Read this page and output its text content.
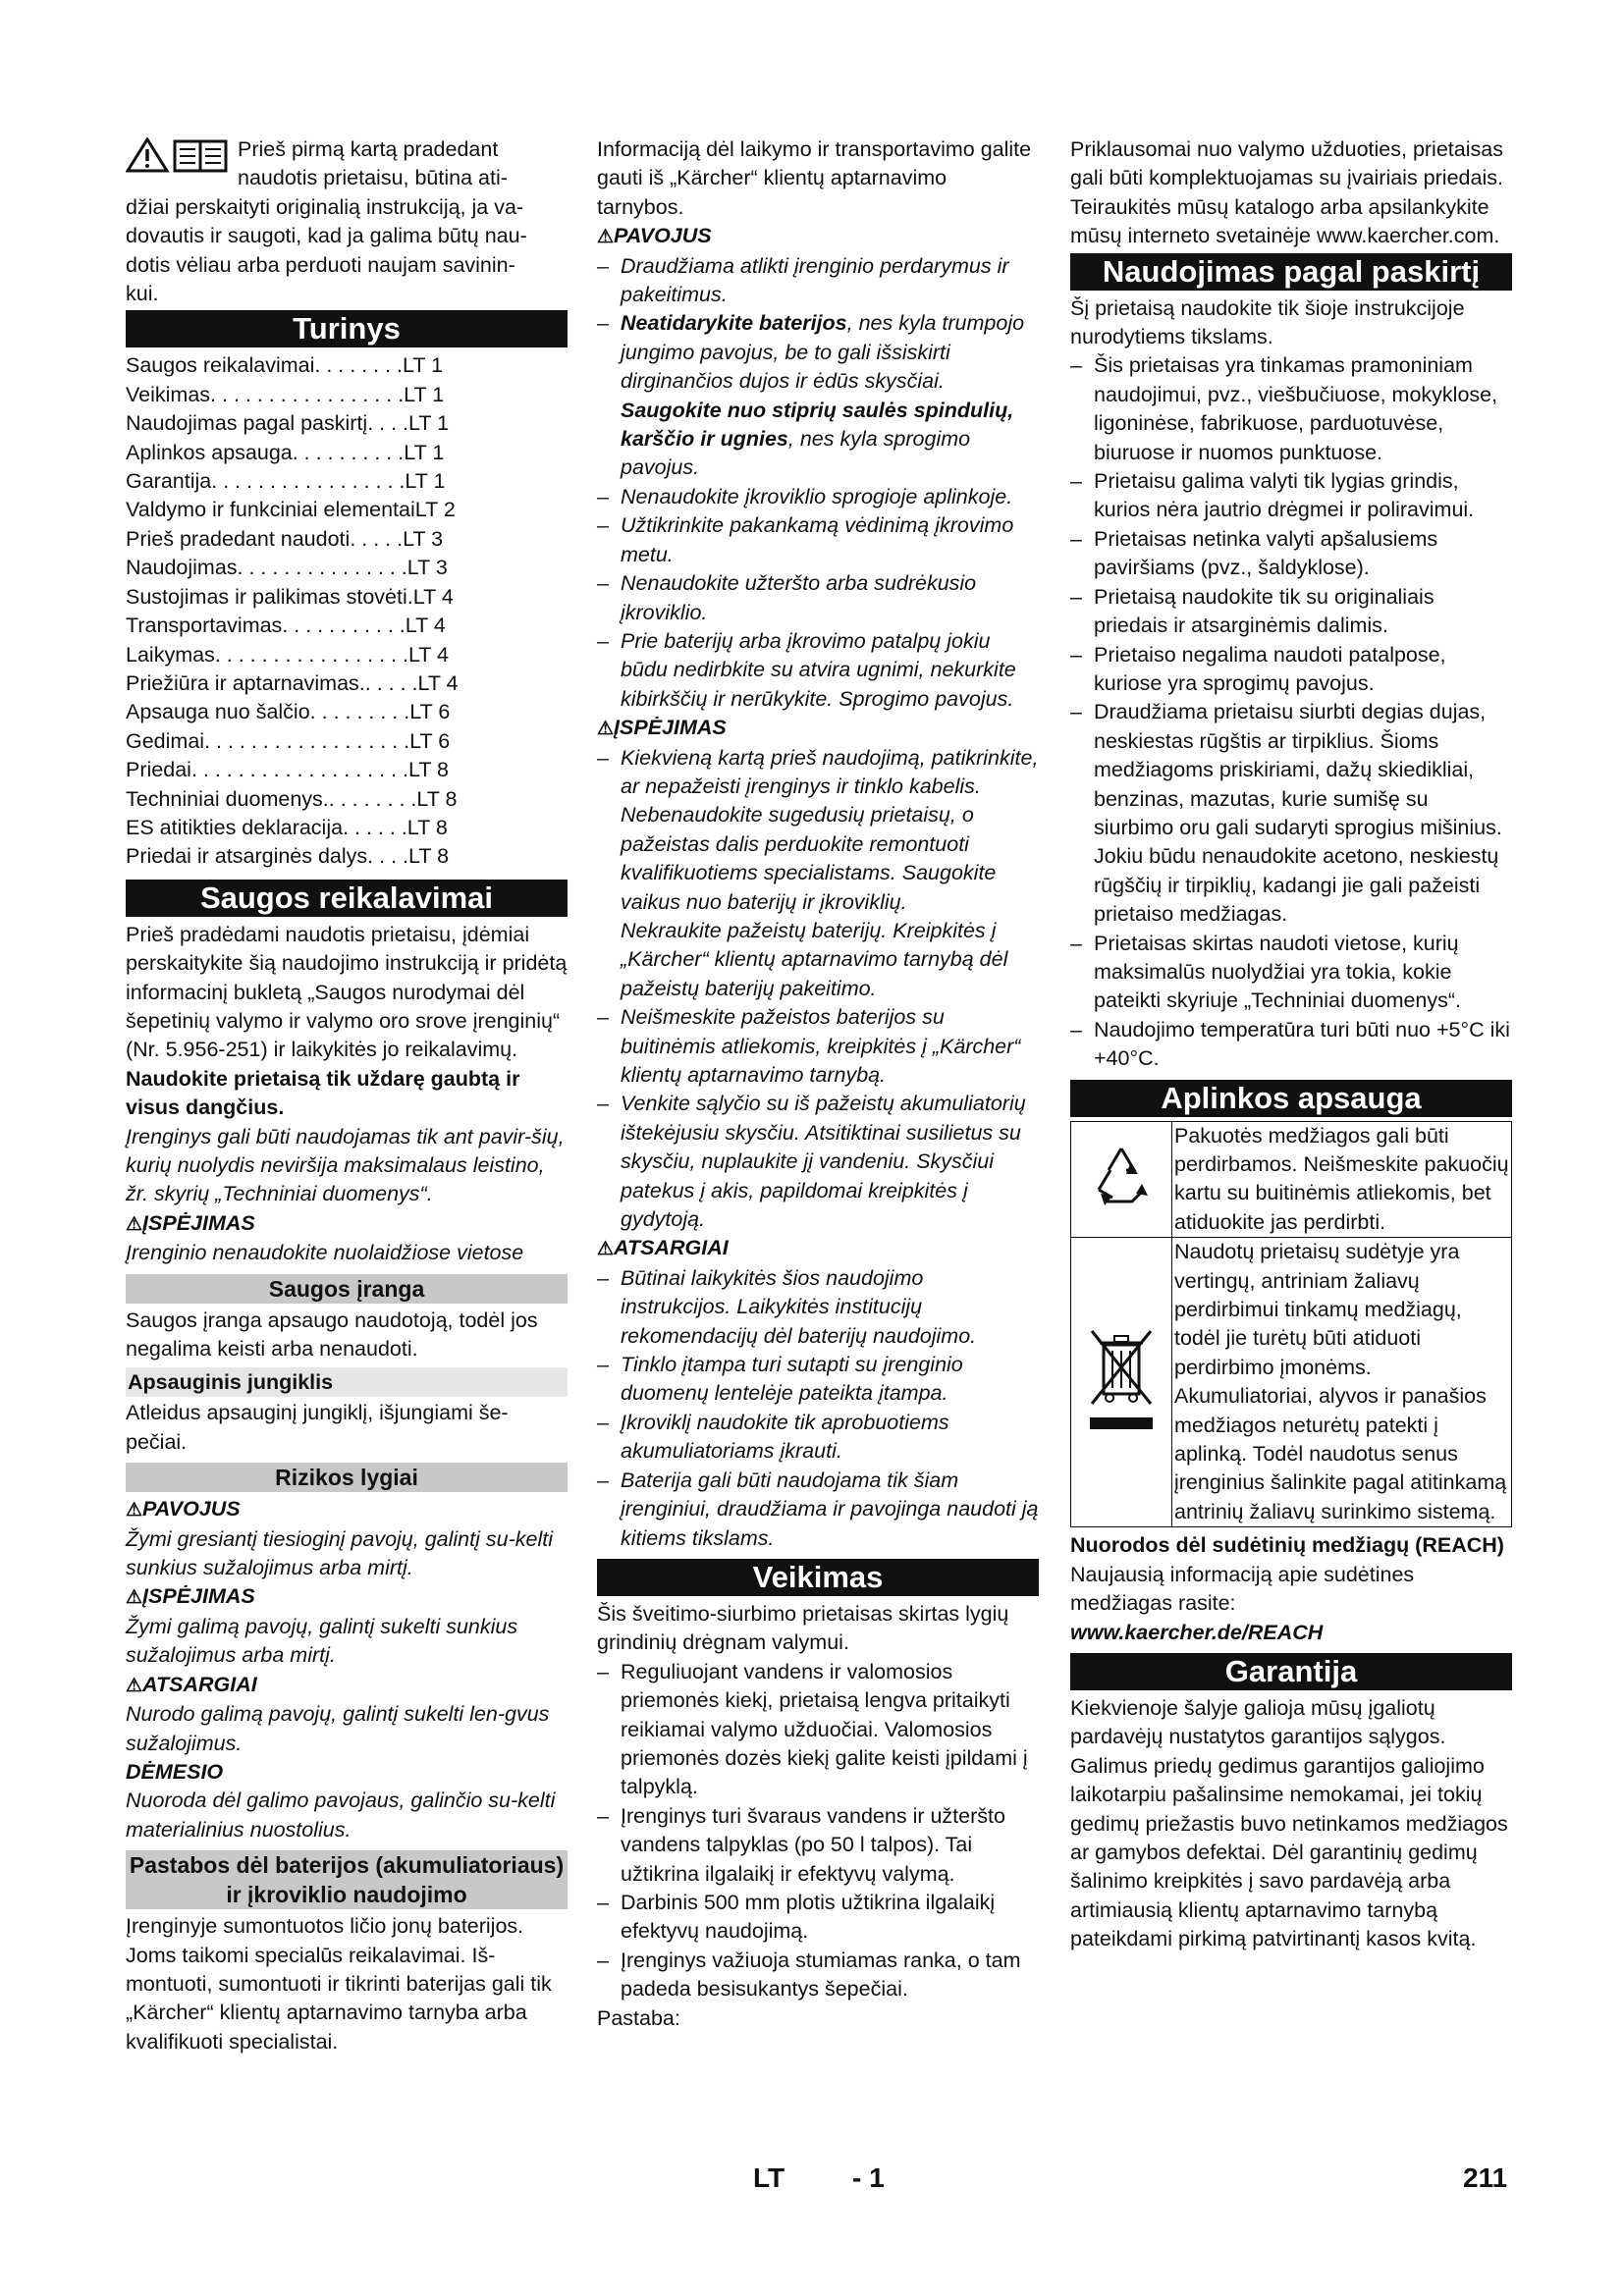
Prieš pirmą kartą pradedant

naudotis prietaisu, būtina ati-

džiai perskaityti originalią instrukciją, ja va-

dovautis ir saugoti, kad ja galima būtų nau-

dotis vėliau arba perduoti naujam savinin-

kui.

Turinys
Saugos reikalavimai . . . . . . . . LT 1
Veikimas . . . . . . . . . . . . . . . . . LT 1
Naudojimas pagal paskirtį . . . . LT 1
Aplinkos apsauga . . . . . . . . . . LT 1
Garantija . . . . . . . . . . . . . . . . . LT 1
Valdymo ir funkciniai elementai LT 2
Prieš pradedant naudoti . . . . . LT 3
Naudojimas . . . . . . . . . . . . . . . LT 3
Sustojimas ir palikimas stovėti. LT 4
Transportavimas . . . . . . . . . . . LT 4
Laikymas . . . . . . . . . . . . . . . . . LT 4
Priežiūra ir aptarnavimas. . . . . . LT 4
Apsauga nuo šalčio . . . . . . . . . LT 6
Gedimai . . . . . . . . . . . . . . . . . . LT 6
Priedai . . . . . . . . . . . . . . . . . . . LT 8
Techniniai duomenys. . . . . . . . . LT 8
ES atitikties deklaracija . . . . . . LT 8
Priedai ir atsarginės dalys . . . . LT 8
Saugos reikalavimai

Prieš pradėdami naudotis prietaisu, įdėmiai perskaitykite šią naudojimo instrukciją ir pridėtą informacinį bukletą „Saugos nurodymai dėl šepetinių valymo ir valymo oro srove įrenginių“ (Nr. 5.956-251) ir laikykitės jo reikalavimų.

Naudokite prietaisą tik uždarę gaubtą ir visus dangčius.

Įrenginys gali būti naudojamas tik ant pavir-šių, kurių nuolydis neviršija maksimalaus leistino, žr. skyrių „Techniniai duomenys“.

⚠ĮSPĖJIMAS

Įrenginio nenaudokite nuolaidžiose vietose

Saugos įranga

Saugos įranga apsaugo naudotoją, todėl jos negalima keisti arba nenaudoti.

Apsauginis jungiklis

Atleidus apsauginį jungiklį, išjungiami še-pečiai.

Rizikos lygiai

⚠PAVOJUS

Žymi gresiantį tiesioginį pavojų, galintį su-kelti sunkius sužalojimus arba mirtį.

⚠ĮSPĖJIMAS

Žymi galimą pavojų, galintį sukelti sunkius sužalojimus arba mirtį.

⚠ATSARGIAI

Nurodo galimą pavojų, galintį sukelti len-gvus sužalojimus.

DĖMESIO

Nuoroda dėl galimo pavojaus, galinčio su-kelti materialinius nuostolius.

Pastabos dėl baterijos (akumuliatoriaus) ir įkroviklio naudojimo

Įrenginyje sumontuotos ličio jonų baterijos. Joms taikomi specialūs reikalavimai. Iš-montuoti, sumontuoti ir tikrinti baterijas gali tik „Kärcher“ klientų aptarnavimo tarnyba arba kvalifikuoti specialistai.

Informaciją dėl laikymo ir transportavimo galite gauti iš „Kärcher“ klientų aptarnavimo tarnybos.

⚠PAVOJUS

– Draudžiama atlikti įrenginio perdarymus ir pakeitimus.
– Neatidarykite baterijos, nes kyla trumpojo jungimo pavojus, be to gali išsiskirti dirginančios dujos ir ėdūs skysčiai.
Saugokite nuo stiprių saulės spindulių, karščio ir ugnies, nes kyla sprogimo pavojus.
– Nenaudokite įkroviklio sprogioje aplinkoje.
– Užtikrinkite pakankamą vėdinimą įkrovimo metu.
– Nenaudokite užteršto arba sudrėkusio įkroviklio.
– Prie baterijų arba įkrovimo patalpų jokiu būdu nedirbkite su atvira ugnimi, nekurkite kibirkščių ir nerūkykite. Sprogimo pavojus.

⚠ĮSPĖJIMAS

– Kiekvieną kartą prieš naudojimą, patikrinkite, ar nepažeisti įrenginys ir tinklo kabelis. Nebenaudokite sugedusių prietaisų, o pažeistas dalis perduokite remontuoti kvalifikuotiems specialistams. Saugokite vaikus nuo baterijų ir įkroviklių.
Nekraukite pažeistų baterijų. Kreipkitės į „Kärcher“ klientų aptarnavimo tarnybą dėl pažeistų baterijų pakeitimo.
– Neišmeskite pažeistos baterijos su buitinėmis atliekomis, kreipkitės į „Kärcher“ klientų aptarnavimo tarnybą.
– Venkite sąlyčio su iš pažeistų akumuliatorių ištekėjusiu skysčiu. Atsitiktinai susilietus su skysčiu, nuplaukite jį vandeniu. Skysčiui patekus į akis, papildomai kreipkitės į gydytoją.

⚠ATSARGIAI

– Būtinai laikykitės šios naudojimo instrukcijos. Laikykitės institucijų rekomendacijų dėl baterijų naudojimo.
– Tinklo įtampa turi sutapti su įrenginio duomenų lentelėje pateikta įtampa.
– Įkroviklį naudokite tik aprobuotiems akumuliatoriams įkrauti.
– Baterija gali būti naudojama tik šiam įrenginiui, draudžiama ir pavojinga naudoti ją kitiems tikslams.
Veikimas

Šis šveitimo-siurbimo prietaisas skirtas lygių grindinių drėgnam valymui.

– Reguliuojant vandens ir valomosios priemonės kiekį, prietaisą lengva pritaikyti reikiamai valymo užduočiai. Valomosios priemonės dozės kiekį galite keisti įpildami į talpyklą.
– Įrenginys turi švaraus vandens ir užteršto vandens talpyklas (po 50 l talpos). Tai užtikrina ilgalaikį ir efektyvų valymą.
– Darbinis 500 mm plotis užtikrina ilgalaikį efektyvų naudojimą.
– Įrenginys važiuoja stumiamas ranka, o tam padeda besisukantys šepečiai.

Pastaba:

Priklausomai nuo valymo užduoties, prietaisas gali būti komplektuojamas su įvairiais priedais.

Teiraukitės mūsų katalogo arba apsilankykite mūsų interneto svetainėje www.kaercher.com.

Naudojimas pagal paskirtį

Šį prietaisą naudokite tik šioje instrukcijoje nurodytiems tikslams.

– Šis prietaisas yra tinkamas pramoniniam naudojimui, pvz., viešbučiuose, mokyklose, ligoninėse, fabrikuose, parduotuvėse, biuruose ir nuomos punktuose.
– Prietaisu galima valyti tik lygias grindis, kurios nėra jautrio drėgmei ir poliravimui.
– Prietaisas netinka valyti apšalusiems paviršiams (pvz., šaldyklose).
– Prietaisą naudokite tik su originaliais priedais ir atsarginėmis dalimis.
– Prietaiso negalima naudoti patalpose, kuriose yra sprogimų pavojus.
– Draudžiama prietaisu siurbti degias dujas, neskiestas rūgštis ar tirpiklius. Šioms medžiagoms priskiriami, dažų skiedikliai, benzinas, mazutas, kurie sumišę su siurbimo oru gali sudaryti sprogius mišinius. Jokiu būdu nenaudokite acetono, neskiestų rūgščių ir tirpiklių, kadangi jie gali pažeisti prietaiso medžiagas.
– Prietaisas skirtas naudoti vietose, kurių maksimalūs nuolydžiai yra tokia, kokie pateikti skyriuje „Techniniai duomenys“.
– Naudojimo temperatūra turi būti nuo +5°C iki +40°C.
Aplinkos apsauga
	Pakuotės medžiagos gali būti perdirbamos. Neišmeskite pakuočių kartu su buitinėmis atliekomis, bet atiduokite jas perdirbti.
	Naudotų prietaisų sudėtyje yra vertingų, antriniam žaliavų perdirbimui tinkamų medžiagų, todėl jie turėtų būti atiduoti perdirbimo įmonėms. Akumuliatoriai, alyvos ir panašios medžiagos neturėtų patekti į aplinką. Todėl naudotus senus įrenginius šalinkite pagal atitinkamą antrinių žaliavų surinkimo sistemą.

Nuorodos dėl sudėtinių medžiagų (REACH)

Naujausią informaciją apie sudėtines medžiagas rasite:

www.kaercher.de/REACH

Garantija

Kiekvienoje šalyje galioja mūsų įgaliotų pardavėjų nustatytos garantijos sąlygos. Galimus priedų gedimus garantijos galiojimo laikotarpiu pašalinsime nemokamai, jei tokių gedimų priežastis buvo netinkamos medžiagos ar gamybos defektai. Dėl garantinių gedimų šalinimo kreipkitės į savo pardavėją arba artimiausią klientų aptarnavimo tarnybą pateikdami pirkimą patvirtinantį kasos kvitą.

LT - 1	211
